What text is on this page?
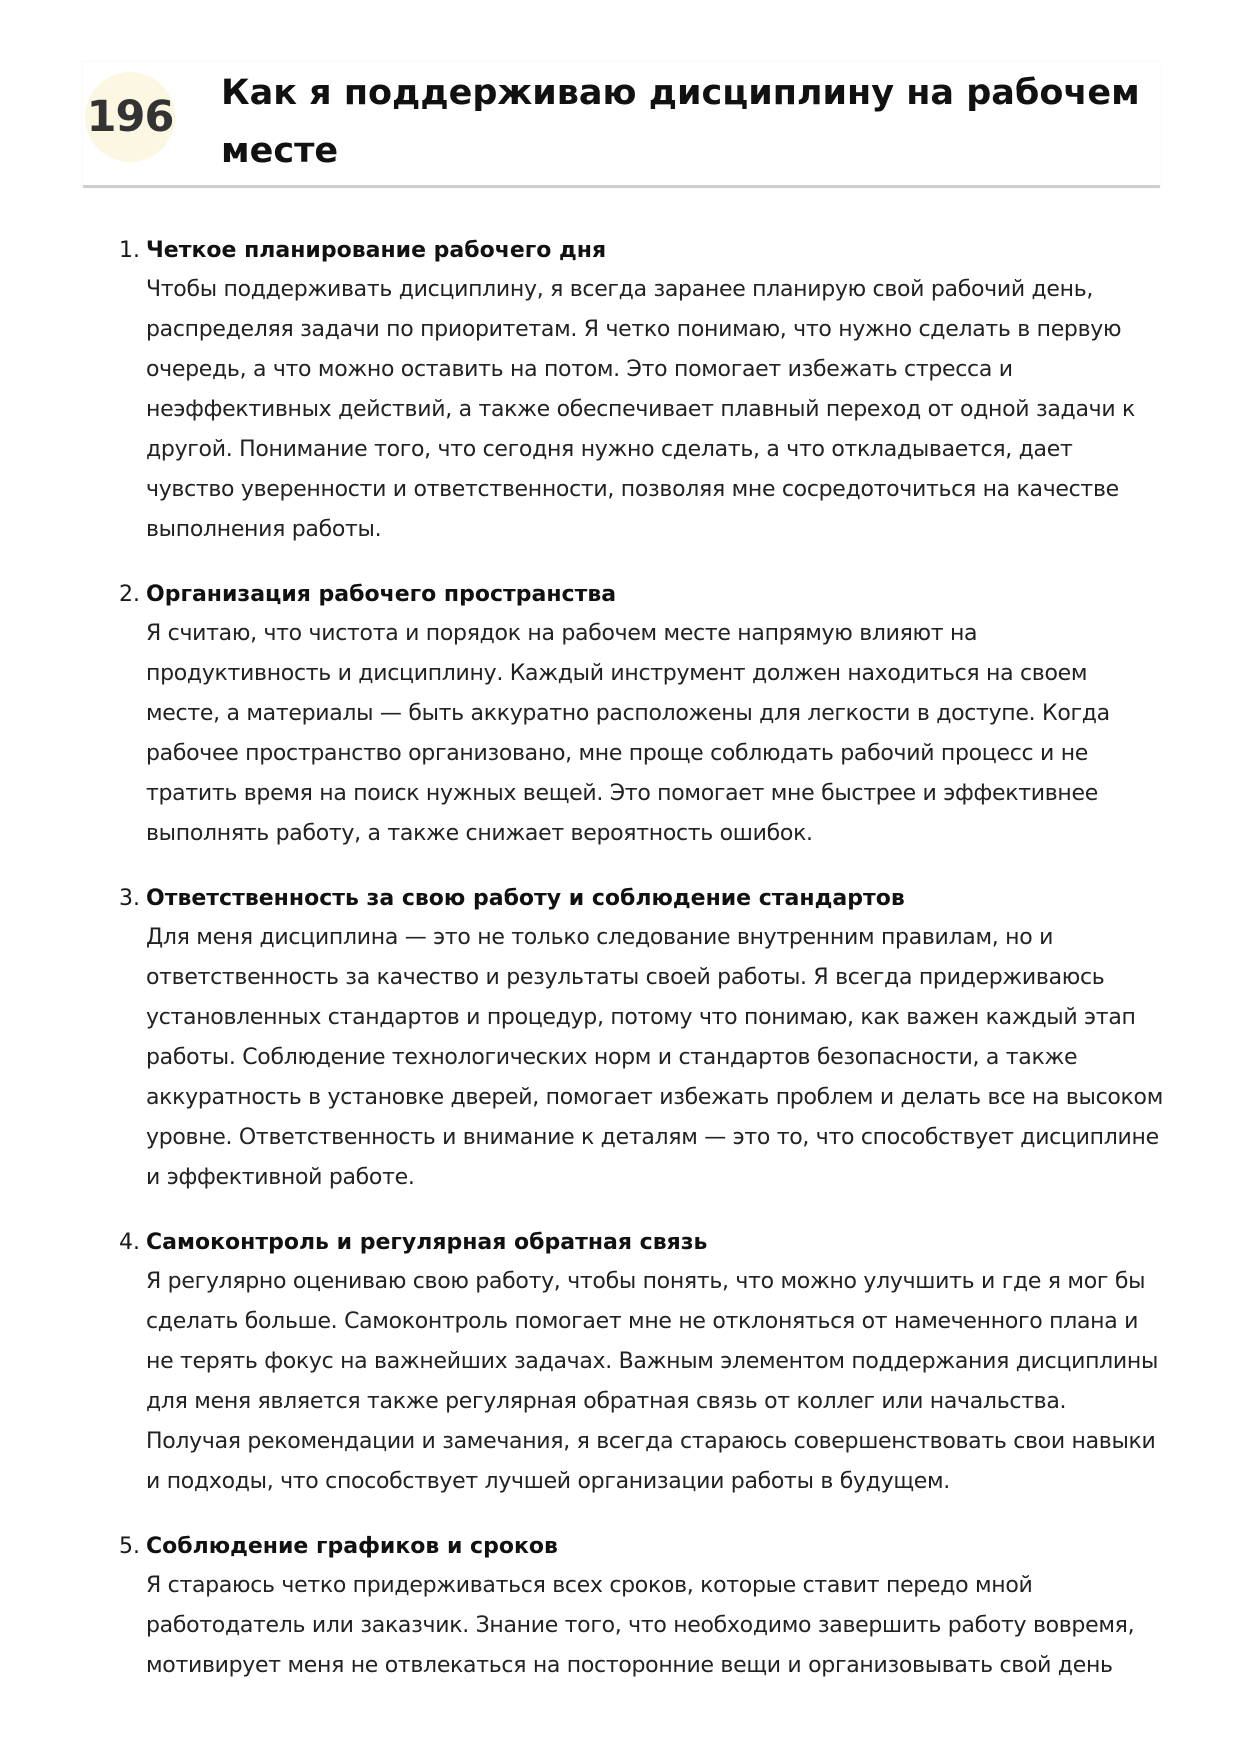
196 Как я поддерживаю дисциплину на рабочем месте
1. Четкое планирование рабочего дня
Чтобы поддерживать дисциплину, я всегда заранее планирую свой рабочий день, распределяя задачи по приоритетам. Я четко понимаю, что нужно сделать в первую очередь, а что можно оставить на потом. Это помогает избежать стресса и неэффективных действий, а также обеспечивает плавный переход от одной задачи к другой. Понимание того, что сегодня нужно сделать, а что откладывается, дает чувство уверенности и ответственности, позволяя мне сосредоточиться на качестве выполнения работы.
2. Организация рабочего пространства
Я считаю, что чистота и порядок на рабочем месте напрямую влияют на продуктивность и дисциплину. Каждый инструмент должен находиться на своем месте, а материалы — быть аккуратно расположены для легкости в доступе. Когда рабочее пространство организовано, мне проще соблюдать рабочий процесс и не тратить время на поиск нужных вещей. Это помогает мне быстрее и эффективнее выполнять работу, а также снижает вероятность ошибок.
3. Ответственность за свою работу и соблюдение стандартов
Для меня дисциплина — это не только следование внутренним правилам, но и ответственность за качество и результаты своей работы. Я всегда придерживаюсь установленных стандартов и процедур, потому что понимаю, как важен каждый этап работы. Соблюдение технологических норм и стандартов безопасности, а также аккуратность в установке дверей, помогает избежать проблем и делать все на высоком уровне. Ответственность и внимание к деталям — это то, что способствует дисциплине и эффективной работе.
4. Самоконтроль и регулярная обратная связь
Я регулярно оцениваю свою работу, чтобы понять, что можно улучшить и где я мог бы сделать больше. Самоконтроль помогает мне не отклоняться от намеченного плана и не терять фокус на важнейших задачах. Важным элементом поддержания дисциплины для меня является также регулярная обратная связь от коллег или начальства. Получая рекомендации и замечания, я всегда стараюсь совершенствовать свои навыки и подходы, что способствует лучшей организации работы в будущем.
5. Соблюдение графиков и сроков
Я стараюсь четко придерживаться всех сроков, которые ставит передо мной работодатель или заказчик. Знание того, что необходимо завершить работу вовремя, мотивирует меня не отвлекаться на посторонние вещи и организовывать свой день
